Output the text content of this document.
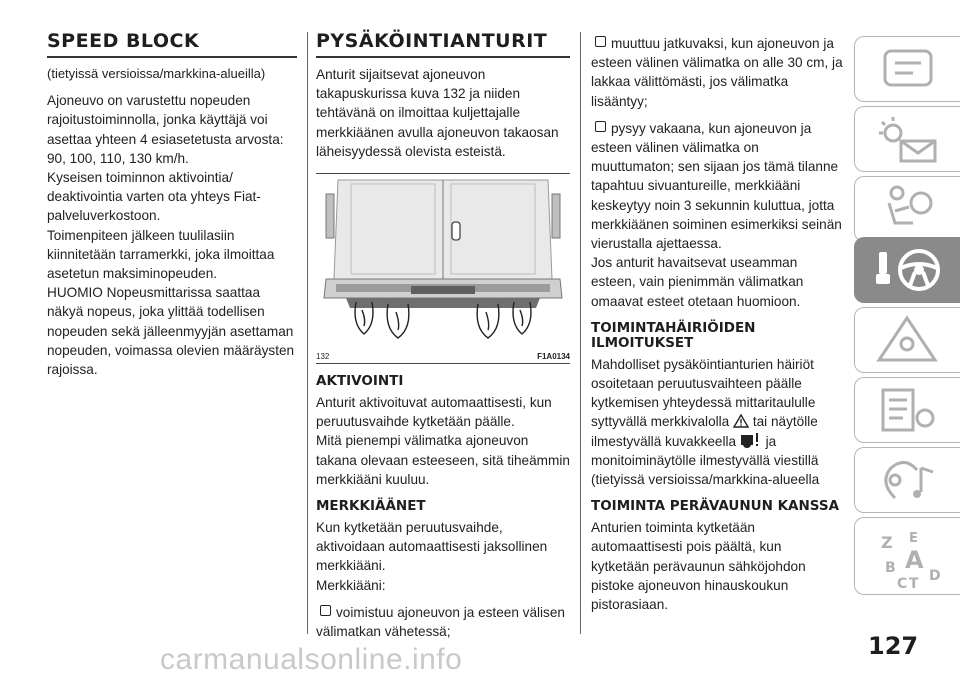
SPEED BLOCK

(tietyissä versioissa/markkina-alueilla)

Ajoneuvo on varustettu nopeuden rajoitustoiminnolla, jonka käyttäjä voi asettaa yhteen 4 esiasetetusta arvosta: 90, 100, 110, 130 km/h.

Kyseisen toiminnon aktivointia/ deaktivointia varten ota yhteys Fiat-palveluverkostoon.

Toimenpiteen jälkeen tuulilasiin kiinnitetään tarramerkki, joka ilmoittaa asetetun maksiminopeuden.

HUOMIO Nopeusmittarissa saattaa näkyä nopeus, joka ylittää todellisen nopeuden sekä jälleenmyyjän asettaman nopeuden, voimassa olevien määräysten rajoissa.

PYSÄKÖINTIANTURIT

Anturit sijaitsevat ajoneuvon takapuskurissa kuva 132 ja niiden tehtävänä on ilmoittaa kuljettajalle merkkiäänen avulla ajoneuvon takaosan läheisyydessä olevista esteistä.

132	F1A0134
AKTIVOINTI

Anturit aktivoituvat automaattisesti, kun peruutusvaihde kytketään päälle.

Mitä pienempi välimatka ajoneuvon takana olevaan esteeseen, sitä tiheämmin merkkiääni kuuluu.

MERKKIÄÄNET

Kun kytketään peruutusvaihde, aktivoidaan automaattisesti jaksollinen merkkiääni.

Merkkiääni:

voimistuu ajoneuvon ja esteen välisen välimatkan vähetessä;
muuttuu jatkuvaksi, kun ajoneuvon ja esteen välinen välimatka on alle 30 cm, ja lakkaa välittömästi, jos välimatka lisääntyy;
pysyy vakaana, kun ajoneuvon ja esteen välinen välimatka on muuttumaton; sen sijaan jos tämä tilanne tapahtuu sivuantureille, merkkiääni keskeytyy noin 3 sekunnin kuluttua, jotta merkkiäänen soiminen esimerkiksi seinän vierustalla ajettaessa.

Jos anturit havaitsevat useamman esteen, vain pienimmän välimatkan omaavat esteet otetaan huomioon.

TOIMINTAHÄIRIÖIDEN ILMOITUKSET

Mahdolliset pysäköintianturien häiriöt osoitetaan peruutusvaihteen päälle kytkemisen yhteydessä mittaritaululle syttyvällä merkkivalolla tai näytölle ilmestyvällä kuvakkeella ja monitoiminäytölle ilmestyvällä viestillä (tietyissä versioissa/markkina-alueella

TOIMINTA PERÄVAUNUN KANSSA

Anturien toiminta kytketään automaattisesti pois päältä, kun kytketään perävaunun sähköjohdon pistoke ajoneuvon hinauskoukun pistorasiaan.

Z E
B A
C T D
127
carmanualsonline.info
